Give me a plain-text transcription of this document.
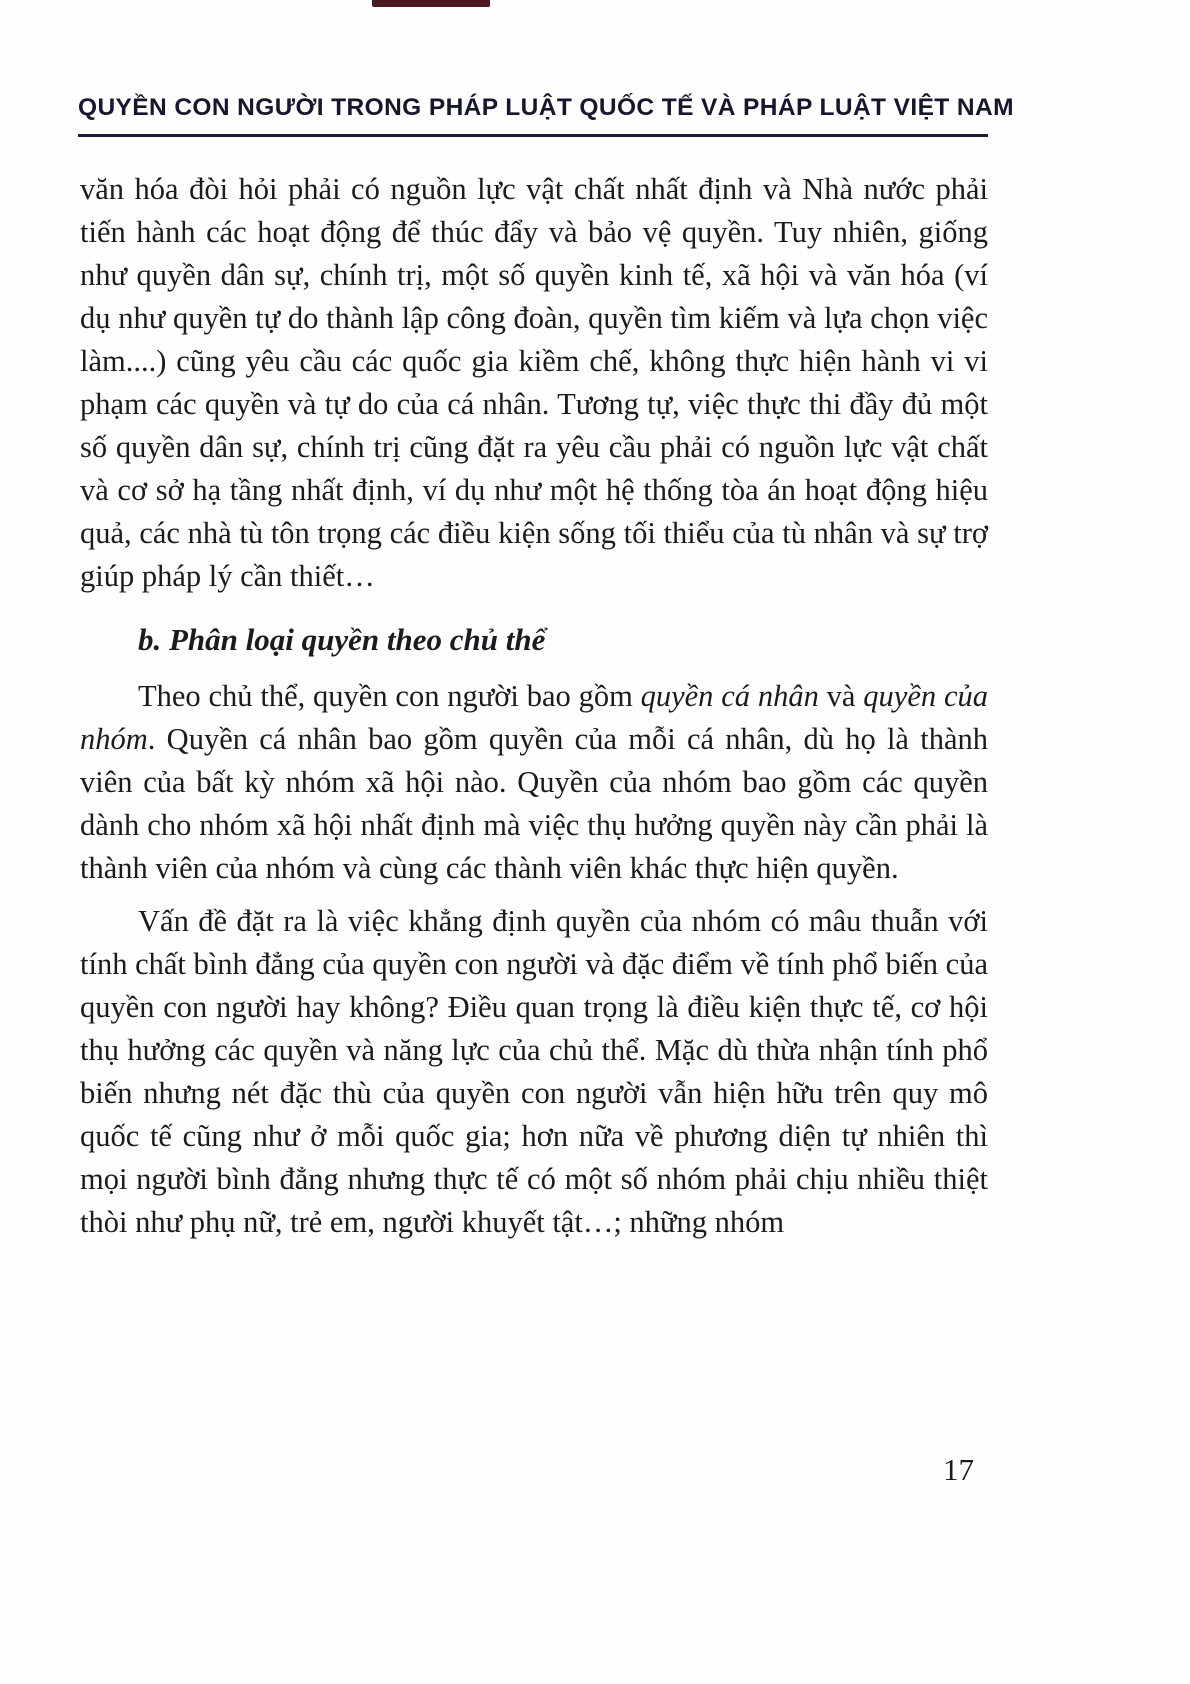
QUYỀN CON NGƯỜI TRONG PHÁP LUẬT QUỐC TẾ VÀ PHÁP LUẬT VIỆT NAM

văn hóa đòi hỏi phải có nguồn lực vật chất nhất định và Nhà nước phải tiến hành các hoạt động để thúc đẩy và bảo vệ quyền. Tuy nhiên, giống như quyền dân sự, chính trị, một số quyền kinh tế, xã hội và văn hóa (ví dụ như quyền tự do thành lập công đoàn, quyền tìm kiếm và lựa chọn việc làm....) cũng yêu cầu các quốc gia kiềm chế, không thực hiện hành vi vi phạm các quyền và tự do của cá nhân. Tương tự, việc thực thi đầy đủ một số quyền dân sự, chính trị cũng đặt ra yêu cầu phải có nguồn lực vật chất và cơ sở hạ tầng nhất định, ví dụ như một hệ thống tòa án hoạt động hiệu quả, các nhà tù tôn trọng các điều kiện sống tối thiểu của tù nhân và sự trợ giúp pháp lý cần thiết…

b. Phân loại quyền theo chủ thể

Theo chủ thể, quyền con người bao gồm quyền cá nhân và quyền của nhóm. Quyền cá nhân bao gồm quyền của mỗi cá nhân, dù họ là thành viên của bất kỳ nhóm xã hội nào. Quyền của nhóm bao gồm các quyền dành cho nhóm xã hội nhất định mà việc thụ hưởng quyền này cần phải là thành viên của nhóm và cùng các thành viên khác thực hiện quyền.

Vấn đề đặt ra là việc khẳng định quyền của nhóm có mâu thuẫn với tính chất bình đẳng của quyền con người và đặc điểm về tính phổ biến của quyền con người hay không? Điều quan trọng là điều kiện thực tế, cơ hội thụ hưởng các quyền và năng lực của chủ thể. Mặc dù thừa nhận tính phổ biến nhưng nét đặc thù của quyền con người vẫn hiện hữu trên quy mô quốc tế cũng như ở mỗi quốc gia; hơn nữa về phương diện tự nhiên thì mọi người bình đẳng nhưng thực tế có một số nhóm phải chịu nhiều thiệt thòi như phụ nữ, trẻ em, người khuyết tật…; những nhóm

17
